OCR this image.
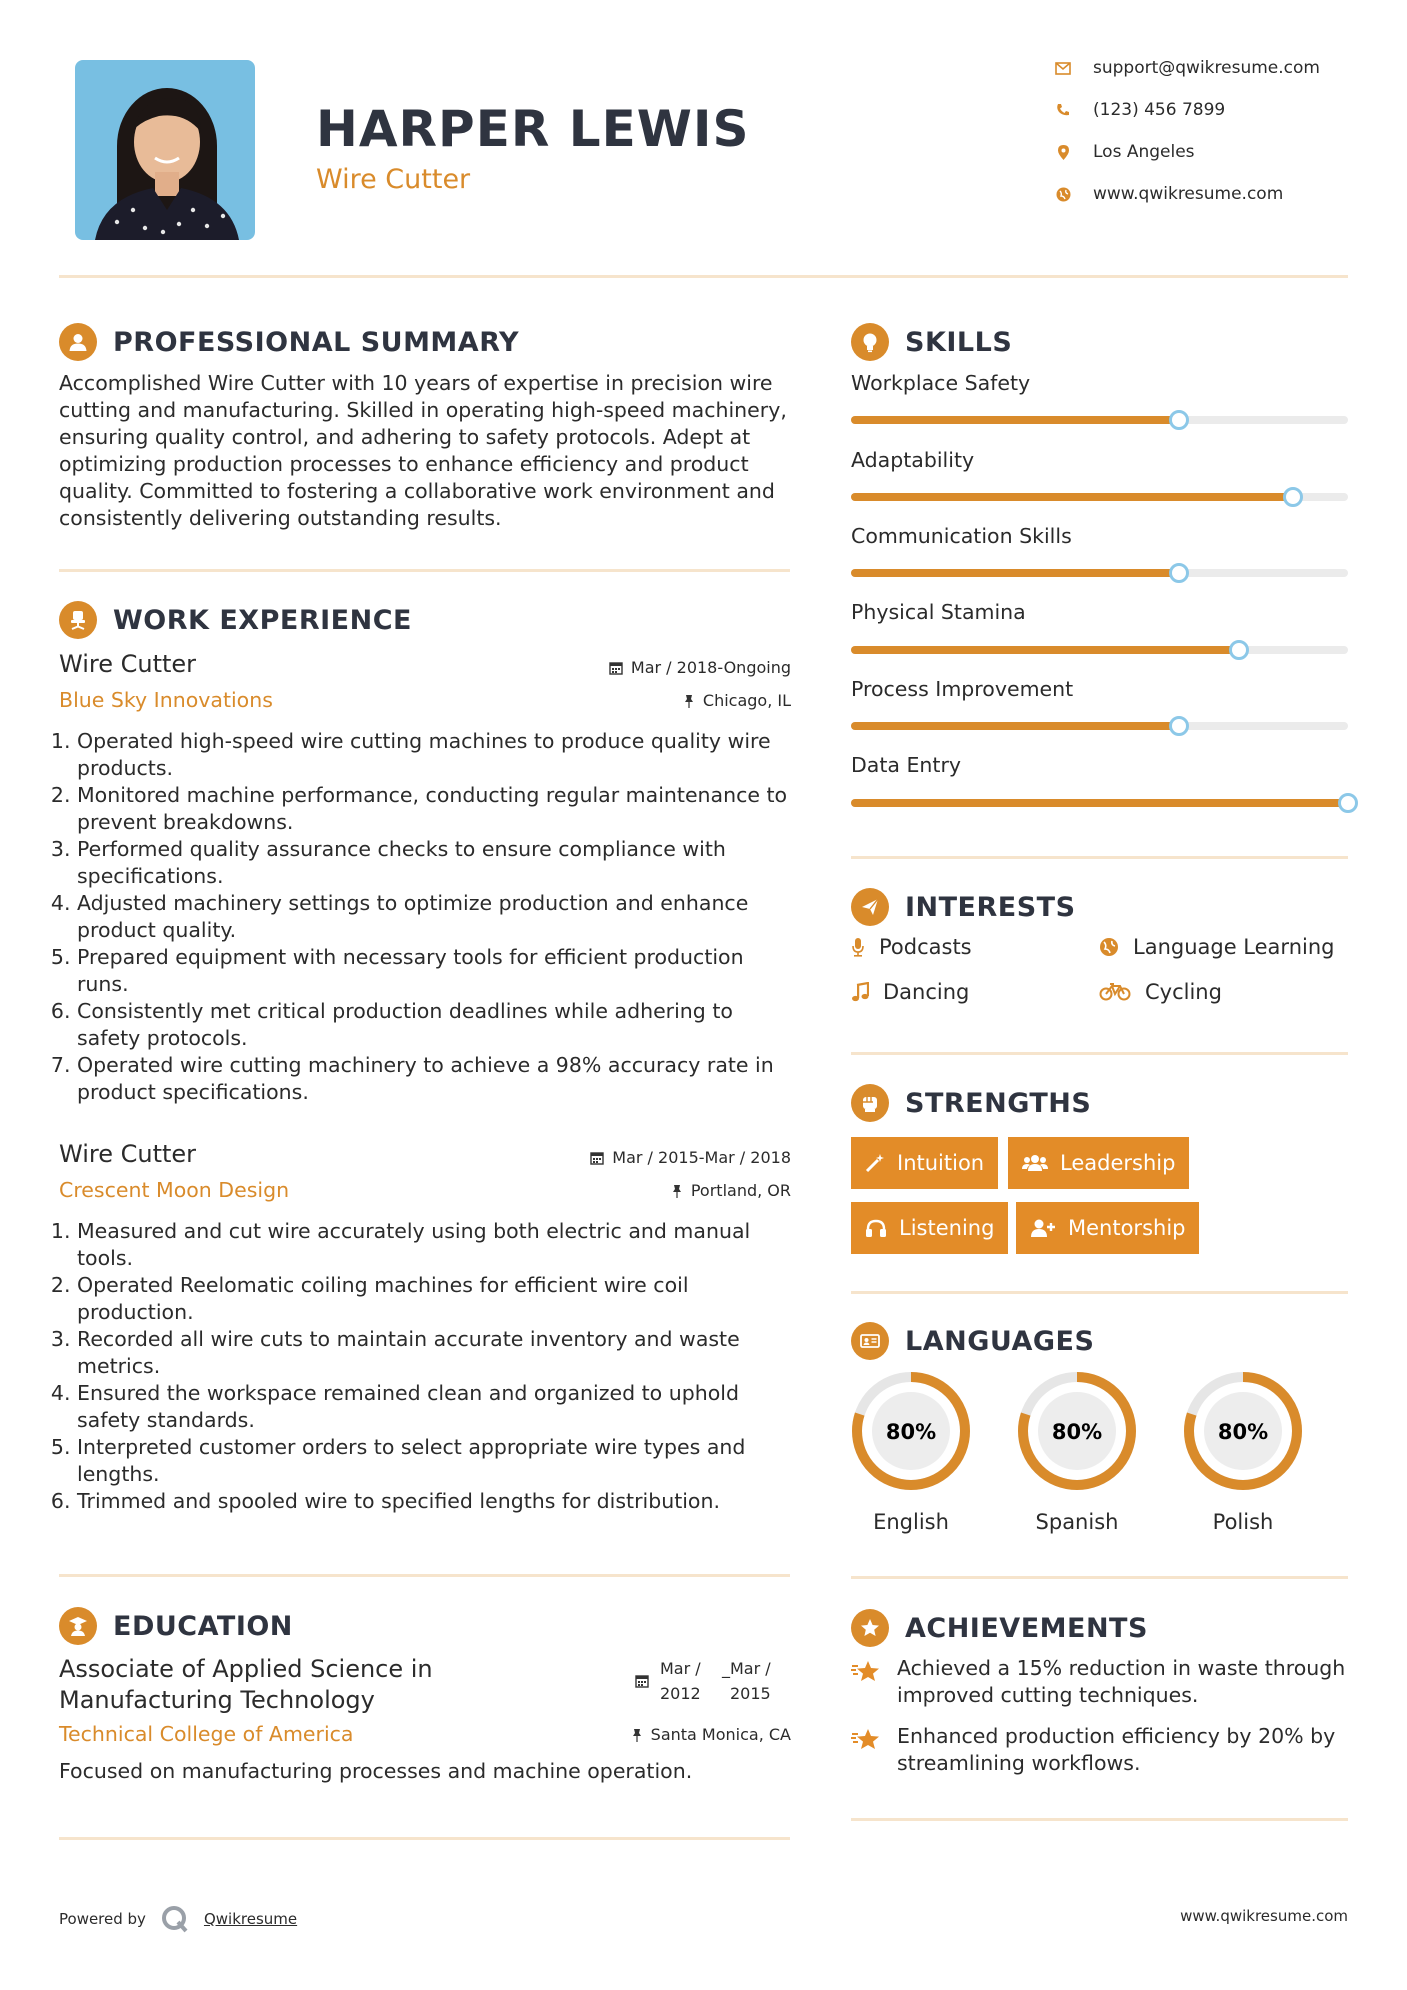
HARPER LEWIS
Wire Cutter
support@qwikresume.com
(123) 456 7899
Los Angeles
www.qwikresume.com
PROFESSIONAL SUMMARY
Accomplished Wire Cutter with 10 years of expertise in precision wire cutting and manufacturing. Skilled in operating high-speed machinery, ensuring quality control, and adhering to safety protocols. Adept at optimizing production processes to enhance efficiency and product quality. Committed to fostering a collaborative work environment and consistently delivering outstanding results.
WORK EXPERIENCE
Wire Cutter	Mar / 2018-Ongoing
Blue Sky Innovations	Chicago, IL
1. Operated high-speed wire cutting machines to produce quality wire products.
2. Monitored machine performance, conducting regular maintenance to prevent breakdowns.
3. Performed quality assurance checks to ensure compliance with specifications.
4. Adjusted machinery settings to optimize production and enhance product quality.
5. Prepared equipment with necessary tools for efficient production runs.
6. Consistently met critical production deadlines while adhering to safety protocols.
7. Operated wire cutting machinery to achieve a 98% accuracy rate in product specifications.
Wire Cutter	Mar / 2015-Mar / 2018
Crescent Moon Design	Portland, OR
1. Measured and cut wire accurately using both electric and manual tools.
2. Operated Reelomatic coiling machines for efficient wire coil production.
3. Recorded all wire cuts to maintain accurate inventory and waste metrics.
4. Ensured the workspace remained clean and organized to uphold safety standards.
5. Interpreted customer orders to select appropriate wire types and lengths.
6. Trimmed and spooled wire to specified lengths for distribution.
EDUCATION
Associate of Applied Science in
Manufacturing Technology
Mar /
2012
_Mar /
2015
Technical College of America	Santa Monica, CA
Focused on manufacturing processes and machine operation.
SKILLS
Workplace Safety
Adaptability
Communication Skills
Physical Stamina
Process Improvement
Data Entry
INTERESTS
Podcasts	Language Learning
Dancing	Cycling
STRENGTHS
Intuition	Leadership
Listening	Mentorship
LANGUAGES
80%
English
80%
Spanish
80%
Polish
ACHIEVEMENTS
Achieved a 15% reduction in waste through improved cutting techniques.
Enhanced production efficiency by 20% by streamlining workflows.
Powered by	Qwikresume	www.qwikresume.com
